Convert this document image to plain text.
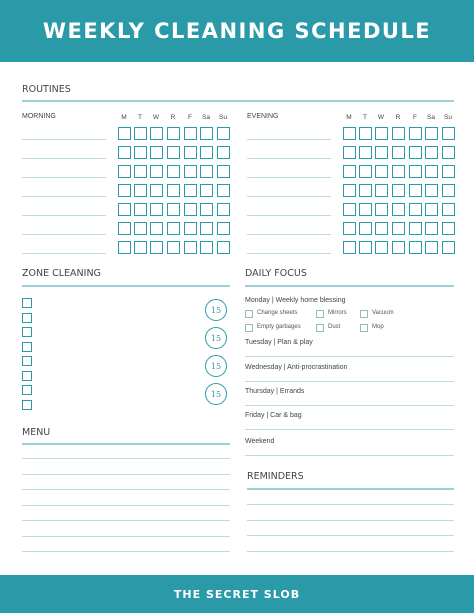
WEEKLY CLEANING SCHEDULE
ROUTINES
MORNING	EVENING
M	T	W	R	F	Sa	Su	M	T	W	R	F	Sa	Su
ZONE CLEANING
15
15
15
15
DAILY FOCUS
Monday | Weekly home blessing
Change sheets	Mirrors	Vacuum
Empty garbages	Dust	Mop
Tuesday | Plan & play
Wednesday | Anti-procrastination
Thursday | Errands
Friday | Car & bag
Weekend
MENU
REMINDERS
THE SECRET SLOB
